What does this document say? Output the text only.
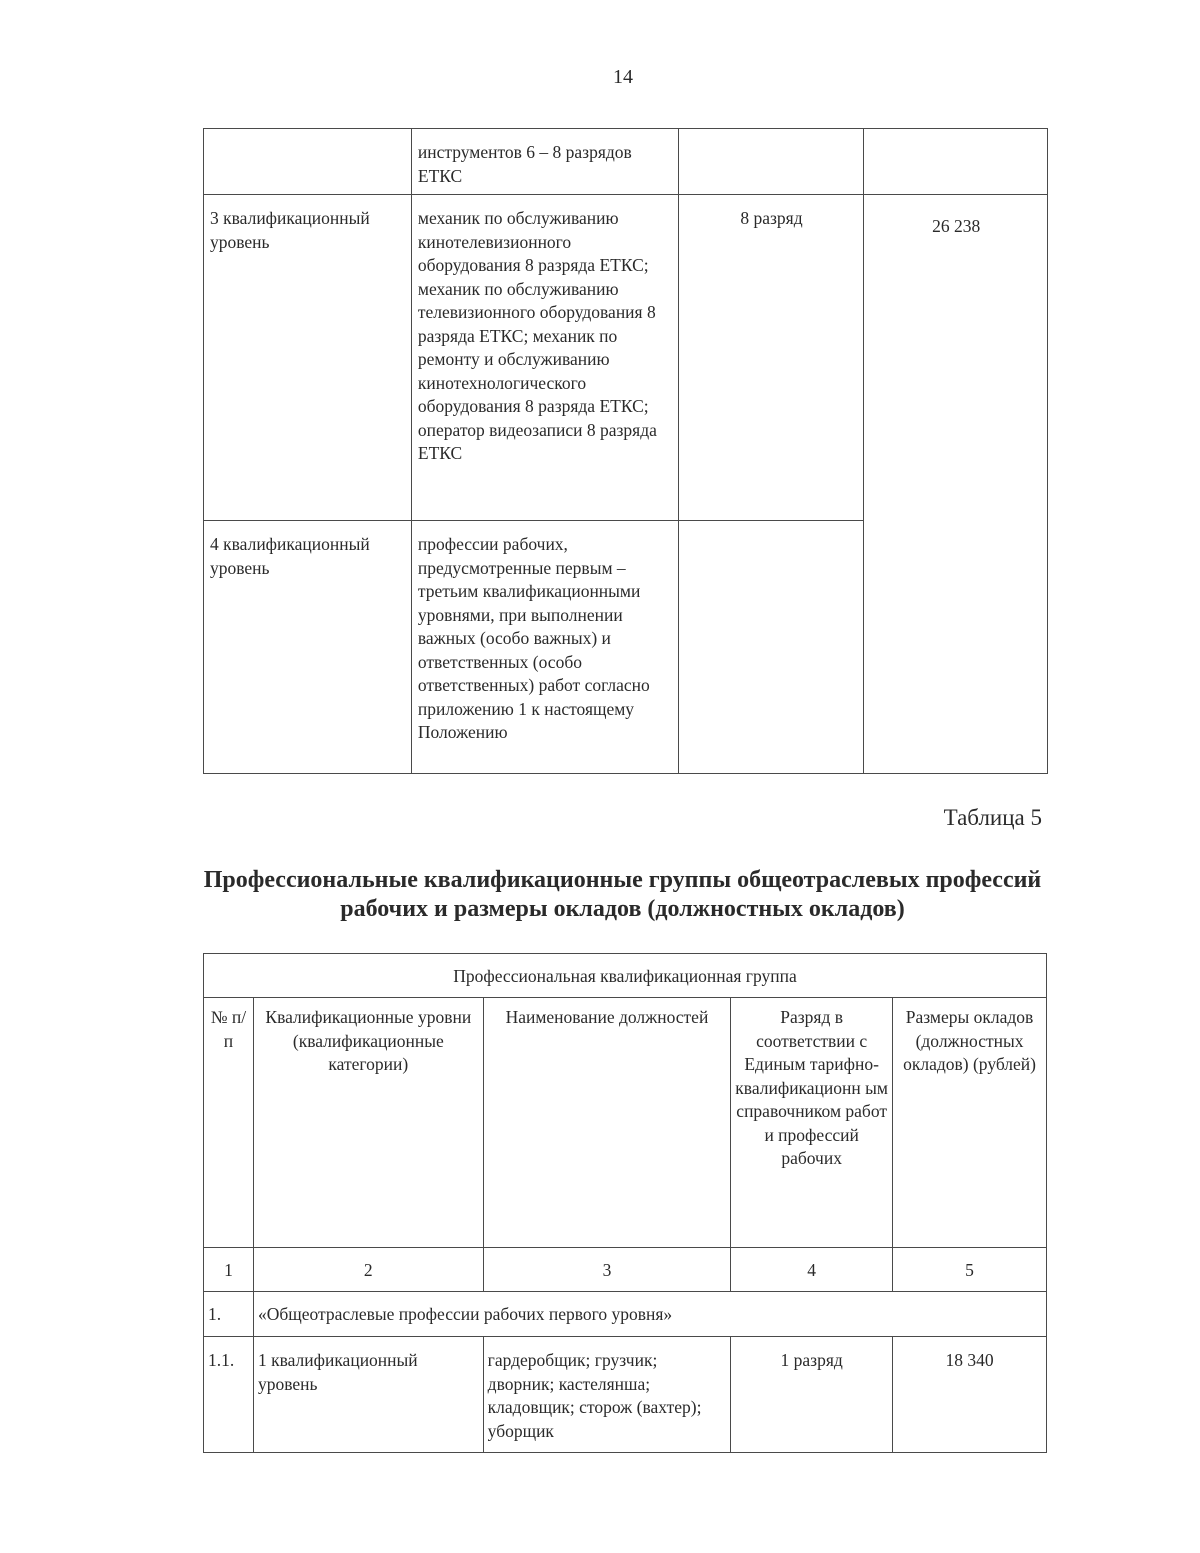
14
	инструментов 6 – 8 разрядов ЕТКС		
3 квалификационный уровень	механик по обслуживанию кинотелевизионного оборудования 8 разряда ЕТКС; механик по обслуживанию телевизионного оборудования 8 разряда ЕТКС; механик по ремонту и обслуживанию кинотехнологического оборудования 8 разряда ЕТКС; оператор видеозаписи 8 разряда ЕТКС	8 разряд	26 238
4 квалификационный уровень	профессии рабочих, предусмотренные первым – третьим квалификационными уровнями, при выполнении важных (особо важных) и ответственных (особо ответственных) работ согласно приложению 1 к настоящему Положению		
Таблица 5
Профессиональные квалификационные группы общеотраслевых профессий рабочих и размеры окладов (должностных окладов)
Профессиональная квалификационная группа				
№ п/п	Квалификационные уровни (квалификационные категории)	Наименование должностей	Разряд в соответствии с Единым тарифно-квалификационн ым справочником работ и профессий рабочих	Размеры окладов (должностных окладов) (рублей)
1	2	3	4	5
1.	«Общеотраслевые профессии рабочих первого уровня»			
1.1.	1 квалификационный уровень	гардеробщик; грузчик; дворник; кастелянша; кладовщик; сторож (вахтер); уборщик	1 разряд	18 340
